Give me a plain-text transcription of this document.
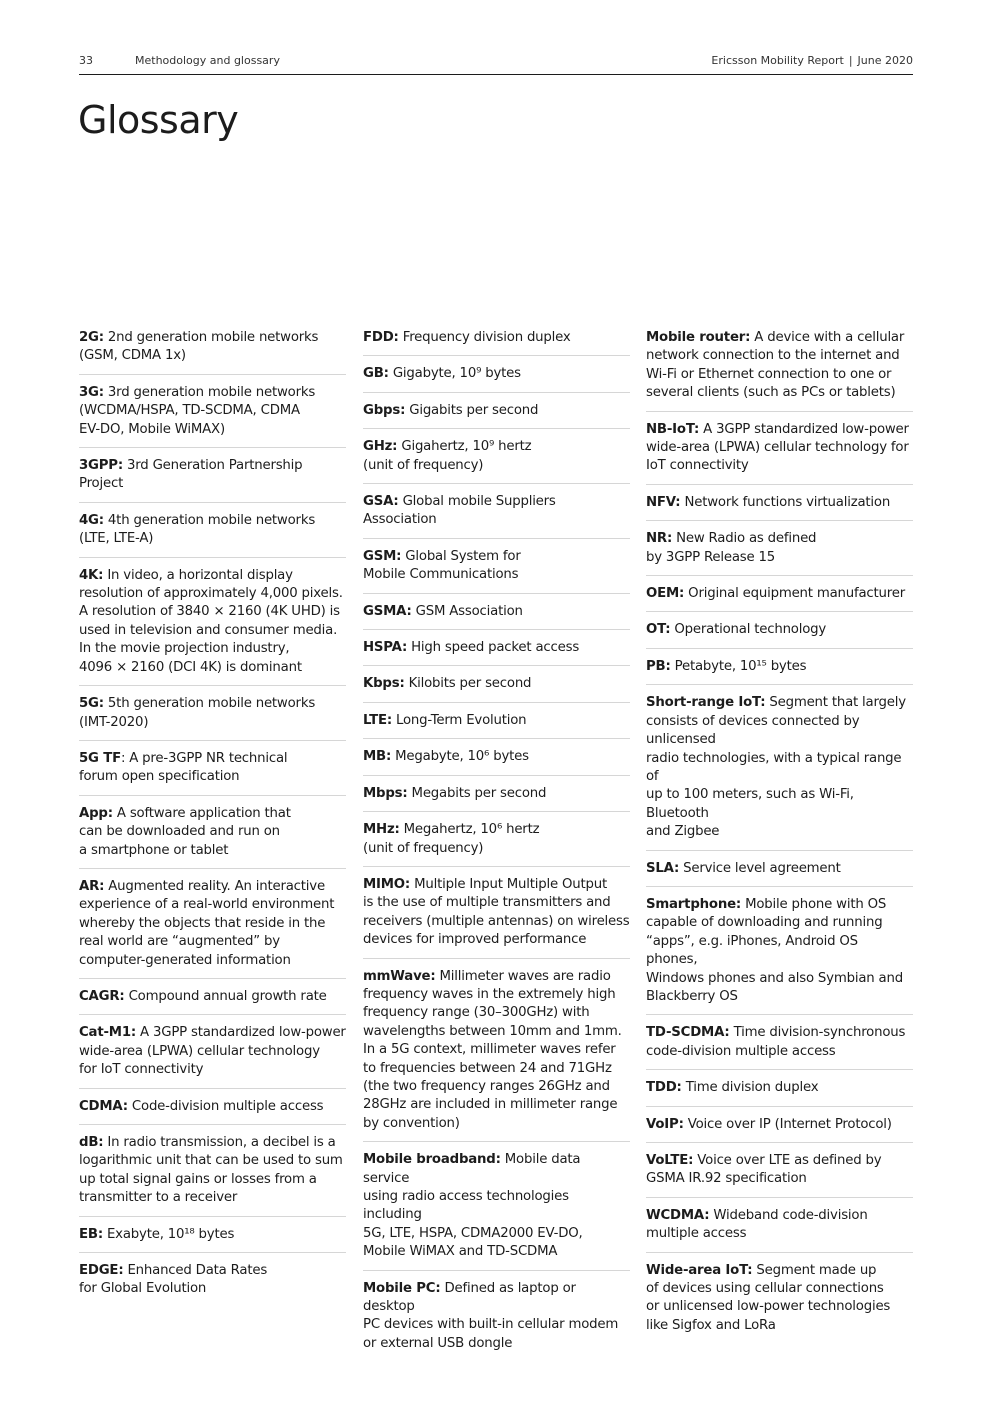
33	Methodology and glossary	Ericsson Mobility Report | June 2020
Glossary
2G: 2nd generation mobile networks
(GSM, CDMA 1x)
3G: 3rd generation mobile networks
(WCDMA/HSPA, TD-SCDMA, CDMA
EV-DO, Mobile WiMAX)
3GPP: 3rd Generation Partnership Project
4G: 4th generation mobile networks
(LTE, LTE-A)
4K: In video, a horizontal display
resolution of approximately 4,000 pixels.
A resolution of 3840 × 2160 (4K UHD) is
used in television and consumer media.
In the movie projection industry,
4096 × 2160 (DCI 4K) is dominant
5G: 5th generation mobile networks
(IMT-2020)
5G TF: A pre-3GPP NR technical
forum open specification
App: A software application that
can be downloaded and run on
a smartphone or tablet
AR: Augmented reality. An interactive
experience of a real-world environment
whereby the objects that reside in the
real world are “augmented” by
computer-generated information
CAGR: Compound annual growth rate
Cat-M1: A 3GPP standardized low-power
wide-area (LPWA) cellular technology
for IoT connectivity
CDMA: Code-division multiple access
dB: In radio transmission, a decibel is a
logarithmic unit that can be used to sum
up total signal gains or losses from a
transmitter to a receiver
EB: Exabyte, 10¹⁸ bytes
EDGE: Enhanced Data Rates
for Global Evolution
FDD: Frequency division duplex
GB: Gigabyte, 10⁹ bytes
Gbps: Gigabits per second
GHz: Gigahertz, 10⁹ hertz
(unit of frequency)
GSA: Global mobile Suppliers Association
GSM: Global System for
Mobile Communications
GSMA: GSM Association
HSPA: High speed packet access
Kbps: Kilobits per second
LTE: Long-Term Evolution
MB: Megabyte, 10⁶ bytes
Mbps: Megabits per second
MHz: Megahertz, 10⁶ hertz
(unit of frequency)
MIMO: Multiple Input Multiple Output
is the use of multiple transmitters and
receivers (multiple antennas) on wireless
devices for improved performance
mmWave: Millimeter waves are radio
frequency waves in the extremely high
frequency range (30–300GHz) with
wavelengths between 10mm and 1mm.
In a 5G context, millimeter waves refer
to frequencies between 24 and 71GHz
(the two frequency ranges 26GHz and
28GHz are included in millimeter range
by convention)
Mobile broadband: Mobile data service
using radio access technologies including
5G, LTE, HSPA, CDMA2000 EV-DO,
Mobile WiMAX and TD-SCDMA
Mobile PC: Defined as laptop or desktop
PC devices with built-in cellular modem
or external USB dongle
Mobile router: A device with a cellular
network connection to the internet and
Wi-Fi or Ethernet connection to one or
several clients (such as PCs or tablets)
NB-IoT: A 3GPP standardized low-power
wide-area (LPWA) cellular technology for
IoT connectivity
NFV: Network functions virtualization
NR: New Radio as defined
by 3GPP Release 15
OEM: Original equipment manufacturer
OT: Operational technology
PB: Petabyte, 10¹⁵ bytes
Short-range IoT: Segment that largely
consists of devices connected by unlicensed
radio technologies, with a typical range of
up to 100 meters, such as Wi-Fi, Bluetooth
and Zigbee
SLA: Service level agreement
Smartphone: Mobile phone with OS
capable of downloading and running
“apps”, e.g. iPhones, Android OS phones,
Windows phones and also Symbian and
Blackberry OS
TD-SCDMA: Time division-synchronous
code-division multiple access
TDD: Time division duplex
VoIP: Voice over IP (Internet Protocol)
VoLTE: Voice over LTE as defined by
GSMA IR.92 specification
WCDMA: Wideband code-division
multiple access
Wide-area IoT: Segment made up
of devices using cellular connections
or unlicensed low-power technologies
like Sigfox and LoRa
